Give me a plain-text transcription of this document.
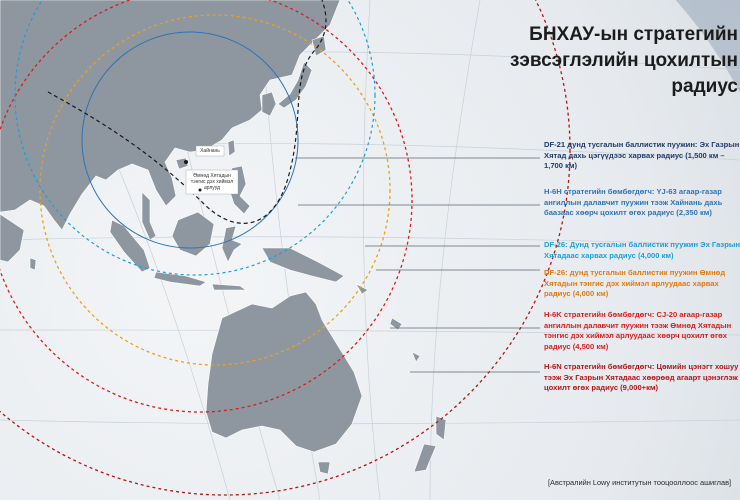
Хайнань
Өмнөд Хятадын тэнгис дэх хиймэл арлууд
БНХАУ-ын стратегийн
зэвсэглэлийн цохилтын
радиус
DF-21 дунд тусгалын баллистик пуужин: Эх Газрын Хятад дахь цэгүүдээс харвах радиус (1,500 км – 1,700 км)
H-6H стратегийн бөмбөгдөгч: YJ-63 агаар-газар ангиллын далавчит пуужин тээж Хайнань дахь баазаас хөөрч цохилт өгөх радиус (2,350 км)
DF-26: Дунд тусгалын баллистик пуужин Эх Газрын Хятадаас харвах радиус (4,000 км)
DF-26: дунд тусгалын баллистик пуужин Өмнөд Хятадын тэнгис дэх хиймэл арлуудаас харвах радиус (4,000 км)
H-6K стратегийн бөмбөгдөгч: CJ-20 агаар-газар ангиллын далавчит пуужин тээж Өмнөд Хятадын тэнгис дэх хиймэл арлуудаас хөөрч цохилт өгөх радиус (4,500 км)
H-6N стратегийн бөмбөгдөгч: Цөмийн цэнэгт хошуу тээж Эх Газрын Хятадаас хөөрөөд агаарт цэнэглэж цохилт өгөх радиус (9,000+км)
[Австралийн Lowy институтын тооцооллоос ашиглав]
